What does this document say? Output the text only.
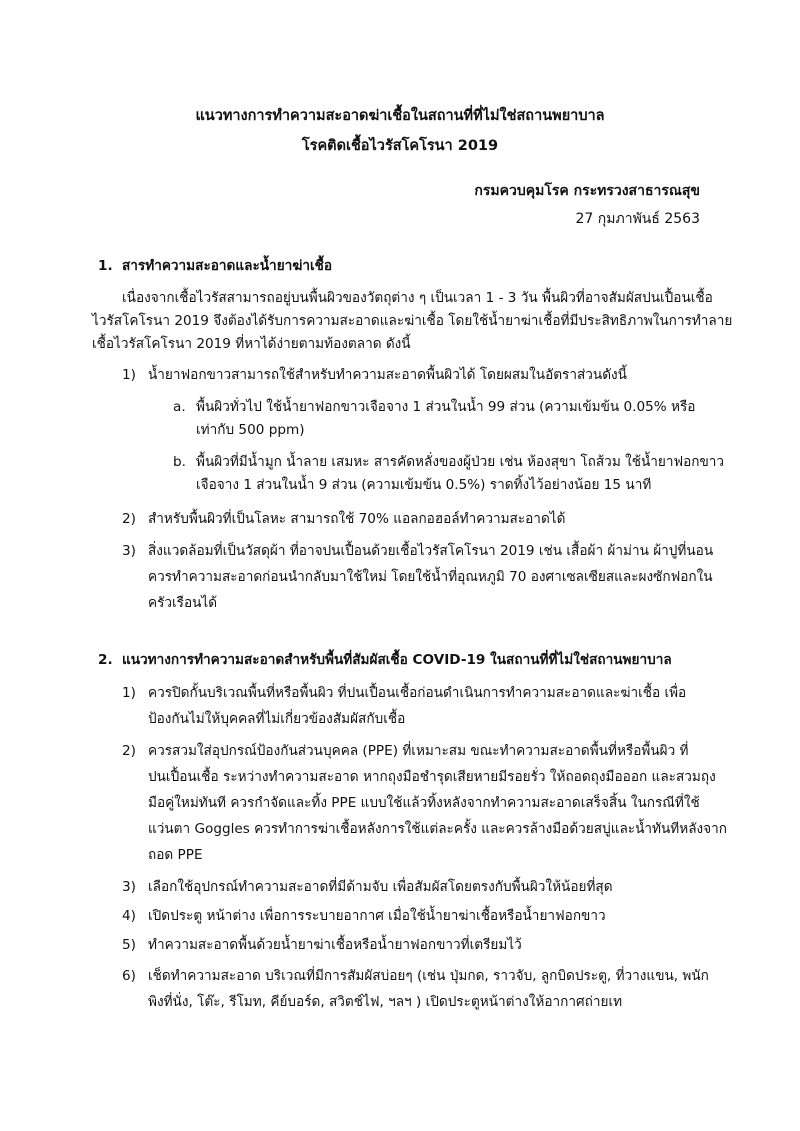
แนวทางการทำความสะอาดฆ่าเชื้อในสถานที่ที่ไม่ใช่สถานพยาบาล
โรคติดเชื้อไวรัสโคโรนา 2019
กรมควบคุมโรค กระทรวงสาธารณสุข
27 กุมภาพันธ์ 2563
1. สารทำความสะอาดและน้ำยาฆ่าเชื้อ
เนื่องจากเชื้อไวรัสสามารถอยู่บนพื้นผิวของวัตถุต่าง ๆ เป็นเวลา 1 - 3 วัน พื้นผิวที่อาจสัมผัสปนเปื้อนเชื้อ
ไวรัสโคโรนา 2019 จึงต้องได้รับการความสะอาดและฆ่าเชื้อ โดยใช้น้ำยาฆ่าเชื้อที่มีประสิทธิภาพในการทำลาย
เชื้อไวรัสโคโรนา 2019 ที่หาได้ง่ายตามท้องตลาด ดังนี้
1) น้ำยาฟอกขาวสามารถใช้สำหรับทำความสะอาดพื้นผิวได้ โดยผสมในอัตราส่วนดังนี้
a. พื้นผิวทั่วไป ใช้น้ำยาฟอกขาวเจือจาง 1 ส่วนในน้ำ 99 ส่วน (ความเข้มข้น 0.05% หรือ
เท่ากับ 500 ppm)
b. พื้นผิวที่มีน้ำมูก น้ำลาย เสมหะ สารคัดหลั่งของผู้ป่วย เช่น ห้องสุขา โถส้วม ใช้น้ำยาฟอกขาว
เจือจาง 1 ส่วนในน้ำ 9 ส่วน (ความเข้มข้น 0.5%) ราดทิ้งไว้อย่างน้อย 15 นาที
2) สำหรับพื้นผิวที่เป็นโลหะ สามารถใช้ 70% แอลกอฮอล์ทำความสะอาดได้
3) สิ่งแวดล้อมที่เป็นวัสดุผ้า ที่อาจปนเปื้อนด้วยเชื้อไวรัสโคโรนา 2019 เช่น เสื้อผ้า ผ้าม่าน ผ้าปูที่นอน
ควรทำความสะอาดก่อนนำกลับมาใช้ใหม่ โดยใช้น้ำที่อุณหภูมิ 70 องศาเซลเซียสและผงซักฟอกใน
ครัวเรือนได้
2. แนวทางการทำความสะอาดสำหรับพื้นที่สัมผัสเชื้อ COVID-19 ในสถานที่ที่ไม่ใช่สถานพยาบาล
1) ควรปิดกั้นบริเวณพื้นที่หรือพื้นผิว ที่ปนเปื้อนเชื้อก่อนดำเนินการทำความสะอาดและฆ่าเชื้อ เพื่อ
ป้องกันไม่ให้บุคคลที่ไม่เกี่ยวข้องสัมผัสกับเชื้อ
2) ควรสวมใส่อุปกรณ์ป้องกันส่วนบุคคล (PPE) ที่เหมาะสม ขณะทำความสะอาดพื้นที่หรือพื้นผิว ที่
ปนเปื้อนเชื้อ ระหว่างทำความสะอาด หากถุงมือชำรุดเสียหายมีรอยรั่ว ให้ถอดถุงมือออก และสวมถุง
มือคู่ใหม่ทันที ควรกำจัดและทิ้ง PPE แบบใช้แล้วทิ้งหลังจากทำความสะอาดเสร็จสิ้น ในกรณีที่ใช้
แว่นตา Goggles ควรทำการฆ่าเชื้อหลังการใช้แต่ละครั้ง และควรล้างมือด้วยสบู่และน้ำทันทีหลังจาก
ถอด PPE
3) เลือกใช้อุปกรณ์ทำความสะอาดที่มีด้ามจับ เพื่อสัมผัสโดยตรงกับพื้นผิวให้น้อยที่สุด
4) เปิดประตู หน้าต่าง เพื่อการระบายอากาศ เมื่อใช้น้ำยาฆ่าเชื้อหรือน้ำยาฟอกขาว
5) ทำความสะอาดพื้นด้วยน้ำยาฆ่าเชื้อหรือน้ำยาฟอกขาวที่เตรียมไว้
6) เช็ดทำความสะอาด บริเวณที่มีการสัมผัสบ่อยๆ (เช่น ปุ่มกด, ราวจับ, ลูกบิดประตู, ที่วางแขน, พนัก
พิงที่นั่ง, โต๊ะ, รีโมท, คีย์บอร์ด, สวิตช์ไฟ, ฯลฯ ) เปิดประตูหน้าต่างให้อากาศถ่ายเท
